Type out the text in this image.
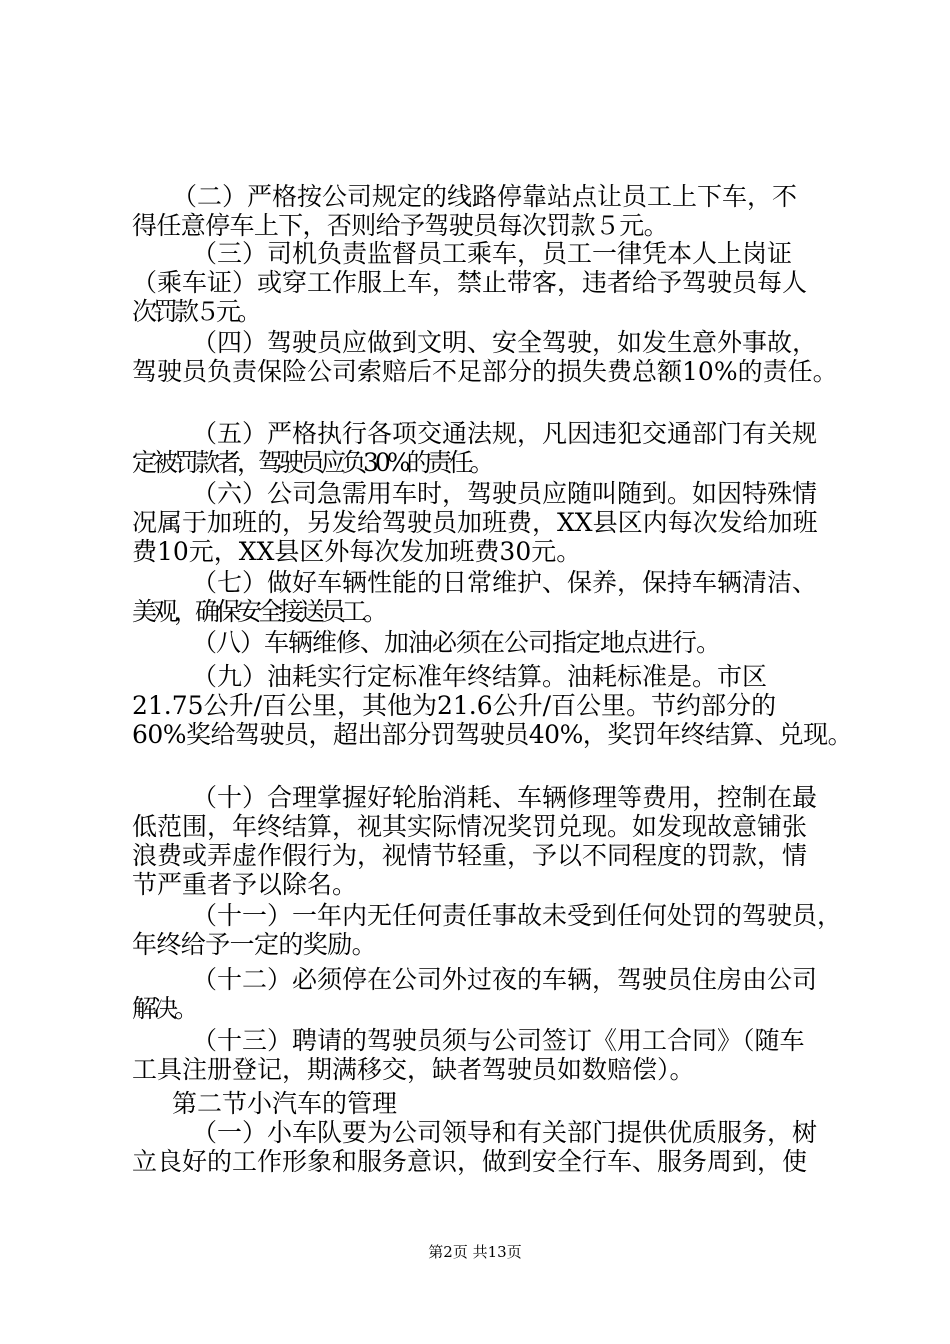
（二）严格按公司规定的线路停靠站点让员工上下车，不
得任意停车上下，否则给予驾驶员每次罚款５元。
（三）司机负责监督员工乘车，员工一律凭本人上岗证
（乘车证）或穿工作服上车，禁止带客，违者给予驾驶员每人
次罚款５元。
（四）驾驶员应做到文明、安全驾驶，如发生意外事故，
驾驶员负责保险公司索赔后不足部分的损失费总额10%的责任。
（五）严格执行各项交通法规，凡因违犯交通部门有关规
定被罚款者，驾驶员应负30%的责任。
（六）公司急需用车时，驾驶员应随叫随到。如因特殊情
况属于加班的，另发给驾驶员加班费，XX县区内每次发给加班
费10元，XX县区外每次发加班费30元。
（七）做好车辆性能的日常维护、保养，保持车辆清洁、
美观，确保安全接送员工。
（八）车辆维修、加油必须在公司指定地点进行。
（九）油耗实行定标准年终结算。油耗标准是。市区
21.75公升/百公里，其他为21.6公升/百公里。节约部分的
60%奖给驾驶员，超出部分罚驾驶员40%，奖罚年终结算、兑现。
（十）合理掌握好轮胎消耗、车辆修理等费用，控制在最
低范围，年终结算，视其实际情况奖罚兑现。如发现故意铺张
浪费或弄虚作假行为，视情节轻重，予以不同程度的罚款，情
节严重者予以除名。
（十一）一年内无任何责任事故未受到任何处罚的驾驶员，
年终给予一定的奖励。
（十二）必须停在公司外过夜的车辆，驾驶员住房由公司
解决。
（十三）聘请的驾驶员须与公司签订《用工合同》（随车
工具注册登记，期满移交，缺者驾驶员如数赔偿）。
第二节小汽车的管理
（一）小车队要为公司领导和有关部门提供优质服务，树
立良好的工作形象和服务意识，做到安全行车、服务周到，使
第2页 共13页
